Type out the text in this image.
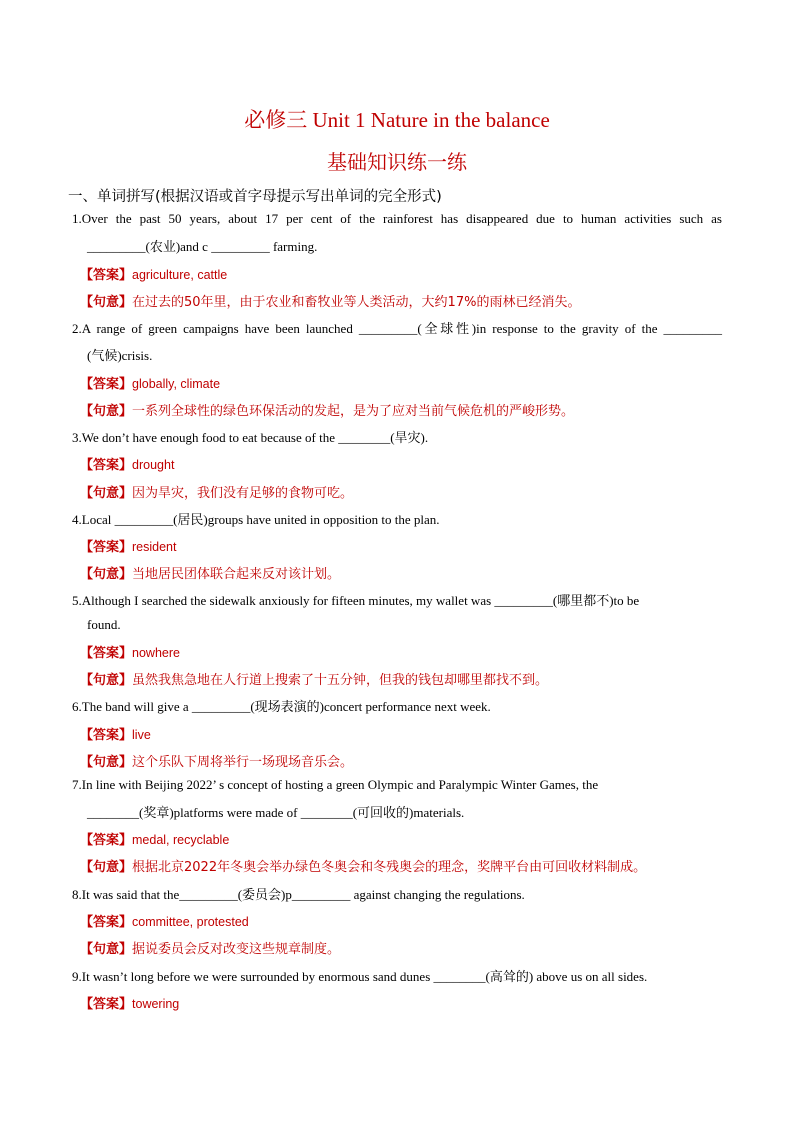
必修三 Unit 1 Nature in the balance
基础知识练一练
一、单词拼写(根据汉语或首字母提示写出单词的完全形式)
1.Over the past 50 years, about 17 per cent of the rainforest has disappeared due to human activities such as
_________(农业)and c _________ farming.
【答案】agriculture, cattle
【句意】在过去的50年里，由于农业和畜牧业等人类活动，大约17%的雨林已经消失。
2.A range of green campaigns have been launched _________(全球性)in response to the gravity of the _________
(气候)crisis.
【答案】globally, climate
【句意】一系列全球性的绿色环保活动的发起，是为了应对当前气候危机的严峻形势。
3.We don’t have enough food to eat because of the ________(旱灾).
【答案】drought
【句意】因为旱灾，我们没有足够的食物可吃。
4.Local _________(居民)groups have united in opposition to the plan.
【答案】resident
【句意】当地居民团体联合起来反对该计划。
5.Although I searched the sidewalk anxiously for fifteen minutes, my wallet was _________(哪里都不)to be
found.
【答案】nowhere
【句意】虽然我焦急地在人行道上搜索了十五分钟，但我的钱包却哪里都找不到。
6.The band will give a _________(现场表演的)concert performance next week.
【答案】live
【句意】这个乐队下周将举行一场现场音乐会。
7.In line with Beijing 2022’ s concept of hosting a green Olympic and Paralympic Winter Games, the
________(奖章)platforms were made of ________(可回收的)materials.
【答案】medal, recyclable
【句意】根据北京2022年冬奥会举办绿色冬奥会和冬残奥会的理念，奖牌平台由可回收材料制成。
8.It was said that the_________(委员会)p_________ against changing the regulations.
【答案】committee, protested
【句意】据说委员会反对改变这些规章制度。
9.It wasn’t long before we were surrounded by enormous sand dunes ________(高耸的) above us on all sides.
【答案】towering
